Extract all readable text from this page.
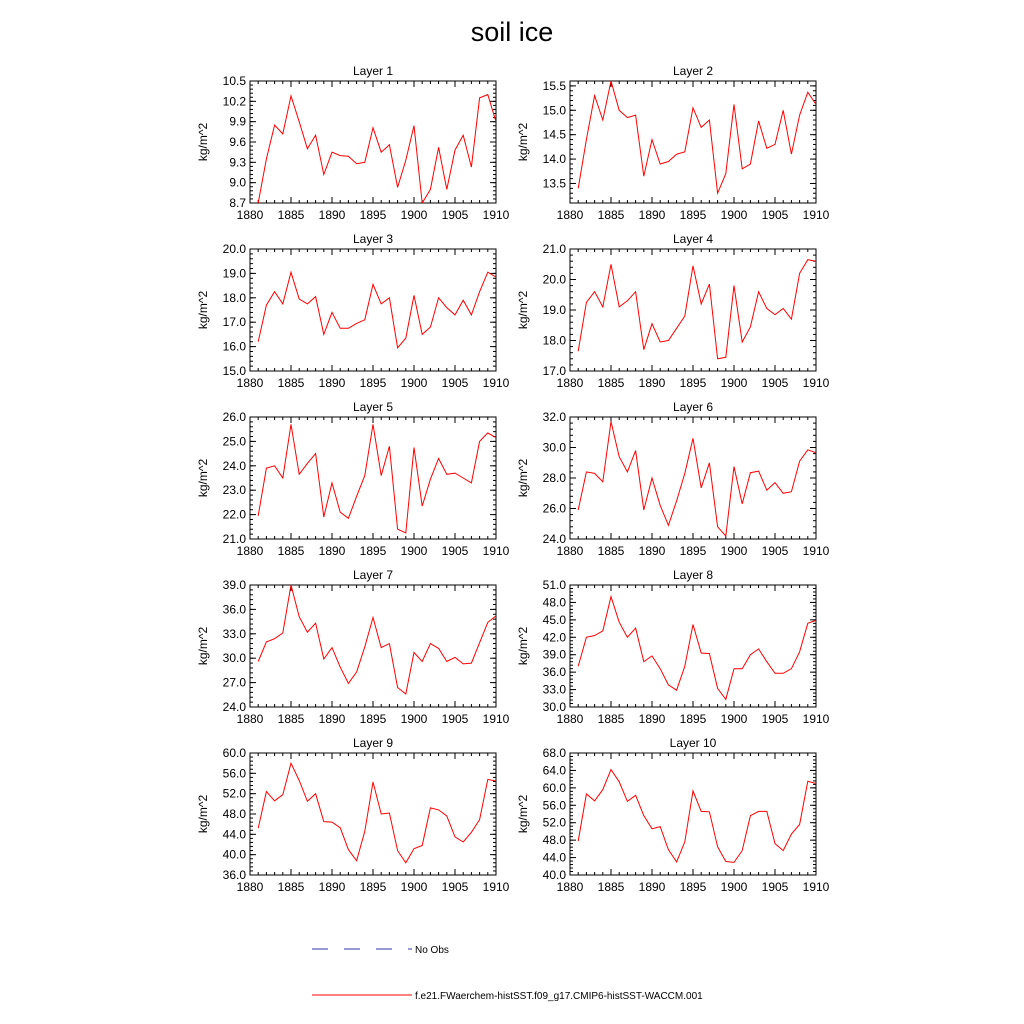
soil ice
Layer 1
1880 1885 1890 1895 1900 1905 1910
8.7
9.0
9.3
9.6
9.9
10.2
10.5
kg/m^2
Layer 2
1880 1885 1890 1895 1900 1905 1910
13.5
14.0
14.5
15.0
15.5
kg/m^2
Layer 3
1880 1885 1890 1895 1900 1905 1910
15.0
16.0
17.0
18.0
19.0
20.0
kg/m^2
Layer 4
1880 1885 1890 1895 1900 1905 1910
17.0
18.0
19.0
20.0
21.0
kg/m^2
Layer 5
1880 1885 1890 1895 1900 1905 1910
21.0
22.0
23.0
24.0
25.0
26.0
kg/m^2
Layer 6
1880 1885 1890 1895 1900 1905 1910
24.0
26.0
28.0
30.0
32.0
kg/m^2
Layer 7
1880 1885 1890 1895 1900 1905 1910
24.0
27.0
30.0
33.0
36.0
39.0
kg/m^2
Layer 8
1880 1885 1890 1895 1900 1905 1910
30.0
33.0
36.0
39.0
42.0
45.0
48.0
51.0
kg/m^2
Layer 9
1880 1885 1890 1895 1900 1905 1910
36.0
40.0
44.0
48.0
52.0
56.0
60.0
kg/m^2
Layer 10
1880 1885 1890 1895 1900 1905 1910
40.0
44.0
48.0
52.0
56.0
60.0
64.0
68.0
kg/m^2
No Obs
f.e21.FWaerchem-histSST.f09_g17.CMIP6-histSST-WACCM.001
